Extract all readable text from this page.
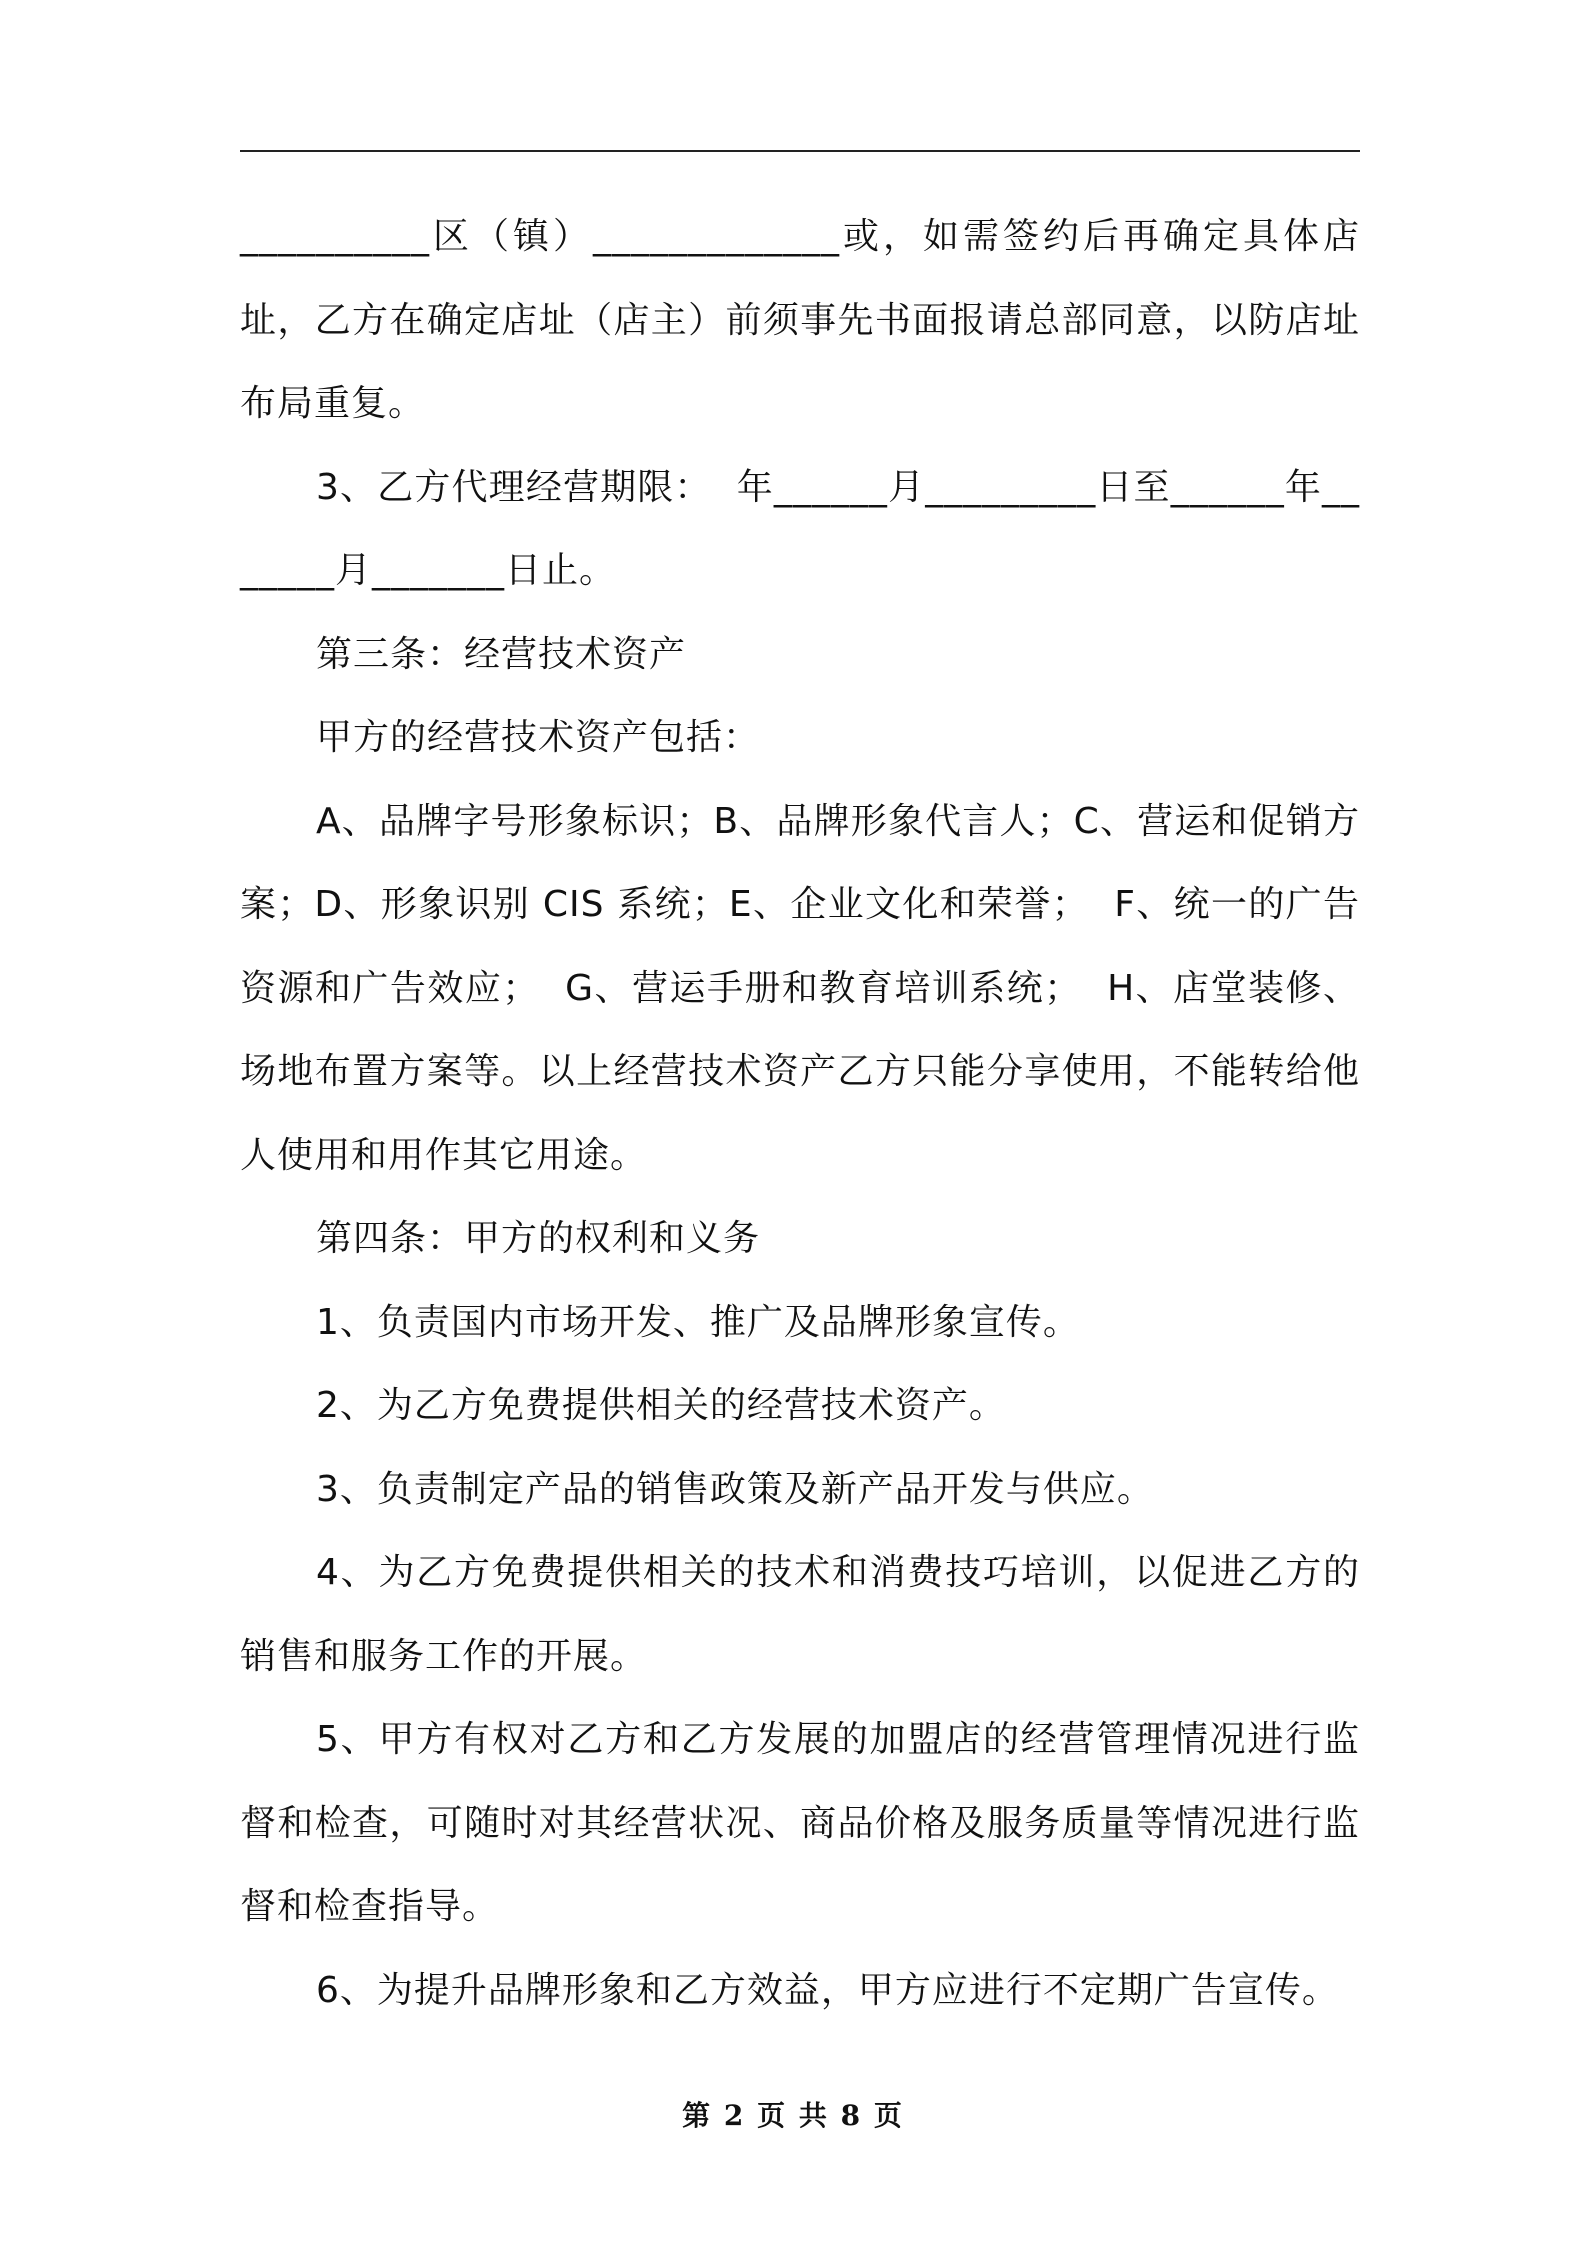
__________区（镇）_____________或，如需签约后再确定具体店址，乙方在确定店址（店主）前须事先书面报请总部同意，以防店址布局重复。

3、乙方代理经营期限：  年______月_________日至______年_______月_______日止。

第三条：经营技术资产

甲方的经营技术资产包括：

A、品牌字号形象标识；B、品牌形象代言人；C、营运和促销方案；D、形象识别 CIS 系统；E、企业文化和荣誉；  F、统一的广告资源和广告效应；  G、营运手册和教育培训系统；  H、店堂装修、场地布置方案等。以上经营技术资产乙方只能分享使用，不能转给他人使用和用作其它用途。

第四条：甲方的权利和义务

1、负责国内市场开发、推广及品牌形象宣传。

2、为乙方免费提供相关的经营技术资产。

3、负责制定产品的销售政策及新产品开发与供应。

4、为乙方免费提供相关的技术和消费技巧培训，以促进乙方的销售和服务工作的开展。

5、甲方有权对乙方和乙方发展的加盟店的经营管理情况进行监督和检查，可随时对其经营状况、商品价格及服务质量等情况进行监督和检查指导。

6、为提升品牌形象和乙方效益，甲方应进行不定期广告宣传。

第 2 页 共 8 页
